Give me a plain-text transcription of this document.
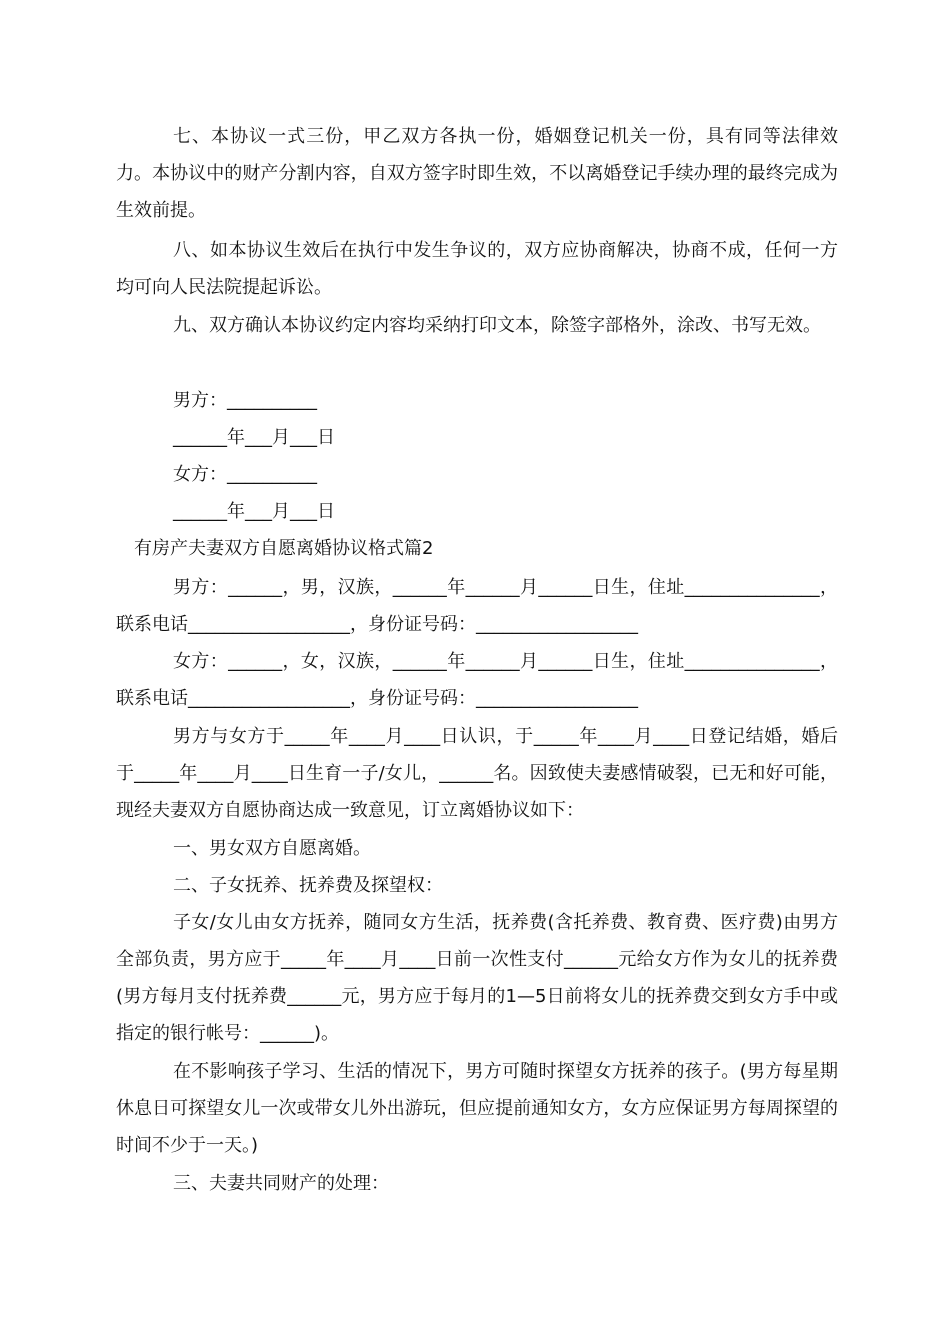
七、本协议一式三份，甲乙双方各执一份，婚姻登记机关一份，具有同等法律效力。本协议中的财产分割内容，自双方签字时即生效，不以离婚登记手续办理的最终完成为生效前提。

八、如本协议生效后在执行中发生争议的，双方应协商解决，协商不成，任何一方均可向人民法院提起诉讼。

九、双方确认本协议约定内容均采纳打印文本，除签字部格外，涂改、书写无效。

男方：__________

______年___月___日

女方：__________

______年___月___日

有房产夫妻双方自愿离婚协议格式篇2

男方：______，男，汉族，______年______月______日生，住址_______________，联系电话__________________，身份证号码：__________________

女方：______，女，汉族，______年______月______日生，住址_______________，联系电话__________________，身份证号码：__________________

男方与女方于_____年____月____日认识，于_____年____月____日登记结婚，婚后于_____年____月____日生育一子/女儿，______名。因致使夫妻感情破裂，已无和好可能，现经夫妻双方自愿协商达成一致意见，订立离婚协议如下：

一、男女双方自愿离婚。

二、子女抚养、抚养费及探望权：

子女/女儿由女方抚养，随同女方生活，抚养费(含托养费、教育费、医疗费)由男方全部负责，男方应于_____年____月____日前一次性支付______元给女方作为女儿的抚养费(男方每月支付抚养费______元，男方应于每月的1—5日前将女儿的抚养费交到女方手中或指定的银行帐号：______)。

在不影响孩子学习、生活的情况下，男方可随时探望女方抚养的孩子。(男方每星期休息日可探望女儿一次或带女儿外出游玩，但应提前通知女方，女方应保证男方每周探望的时间不少于一天。)

三、夫妻共同财产的处理：
